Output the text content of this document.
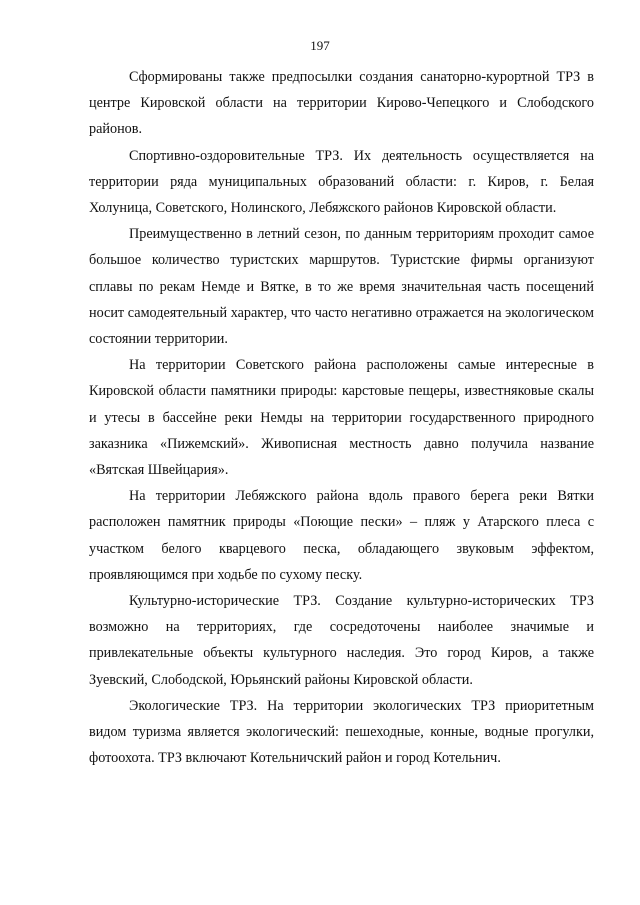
197

Сформированы также предпосылки создания санаторно-курортной ТРЗ в центре Кировской области на территории Кирово-Чепецкого и Слободского районов.

Спортивно-оздоровительные ТРЗ. Их деятельность осуществляется на территории ряда муниципальных образований области: г. Киров, г. Белая Холуница, Советского, Нолинского, Лебяжского районов Кировской области.

Преимущественно в летний сезон, по данным территориям проходит самое большое количество туристских маршрутов. Туристские фирмы организуют сплавы по рекам Немде и Вятке, в то же время значительная часть посещений носит самодеятельный характер, что часто негативно отражается на экологическом состоянии территории.

На территории Советского района расположены самые интересные в Кировской области памятники природы: карстовые пещеры, известняковые скалы и утесы в бассейне реки Немды на территории государственного природного заказника «Пижемский». Живописная местность давно получила название «Вятская Швейцария».

На территории Лебяжского района вдоль правого берега реки Вятки расположен памятник природы «Поющие пески» – пляж у Атарского плеса с участком белого кварцевого песка, обладающего звуковым эффектом, проявляющимся при ходьбе по сухому песку.

Культурно-исторические ТРЗ. Создание культурно-исторических ТРЗ возможно на территориях, где сосредоточены наиболее значимые и привлекательные объекты культурного наследия. Это город Киров, а также Зуевский, Слободской, Юрьянский районы Кировской области.

Экологические ТРЗ. На территории экологических ТРЗ приоритетным видом туризма является экологический: пешеходные, конные, водные прогулки, фотоохота. ТРЗ включают Котельничский район и город Котельнич.
